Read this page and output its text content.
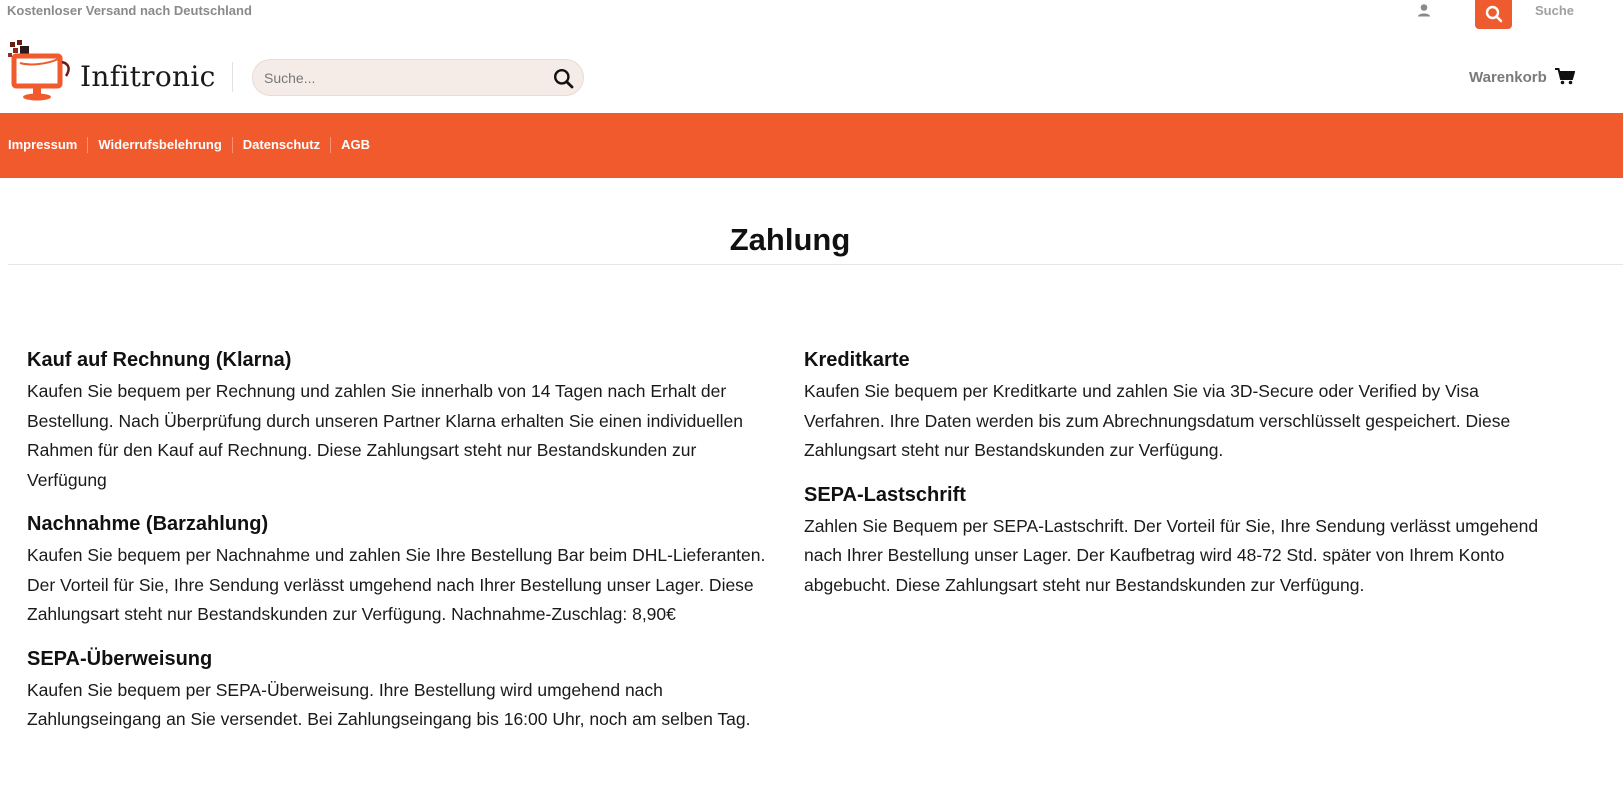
Kostenloser Versand nach Deutschland	Suche
Infitronic
Suche...	Warenkorb
Impressum	Widerrufsbelehrung	Datenschutz	AGB
Zahlung
Kauf auf Rechnung (Klarna)

Kaufen Sie bequem per Rechnung und zahlen Sie innerhalb von 14 Tagen nach Erhalt der Bestellung. Nach Überprüfung durch unseren Partner Klarna erhalten Sie einen individuellen Rahmen für den Kauf auf Rechnung. Diese Zahlungsart steht nur Bestandskunden zur Verfügung

Nachnahme (Barzahlung)

Kaufen Sie bequem per Nachnahme und zahlen Sie Ihre Bestellung Bar beim DHL-Lieferanten. Der Vorteil für Sie, Ihre Sendung verlässt umgehend nach Ihrer Bestellung unser Lager. Diese Zahlungsart steht nur Bestandskunden zur Verfügung. Nachnahme-Zuschlag: 8,90€

SEPA-Überweisung

Kaufen Sie bequem per SEPA-Überweisung. Ihre Bestellung wird umgehend nach Zahlungseingang an Sie versendet. Bei Zahlungseingang bis 16:00 Uhr, noch am selben Tag.

Kreditkarte

Kaufen Sie bequem per Kreditkarte und zahlen Sie via 3D-Secure oder Verified by Visa Verfahren. Ihre Daten werden bis zum Abrechnungsdatum verschlüsselt gespeichert. Diese Zahlungsart steht nur Bestandskunden zur Verfügung.

SEPA-Lastschrift

Zahlen Sie Bequem per SEPA-Lastschrift. Der Vorteil für Sie, Ihre Sendung verlässt umgehend nach Ihrer Bestellung unser Lager. Der Kaufbetrag wird 48-72 Std. später von Ihrem Konto abgebucht. Diese Zahlungsart steht nur Bestandskunden zur Verfügung.
